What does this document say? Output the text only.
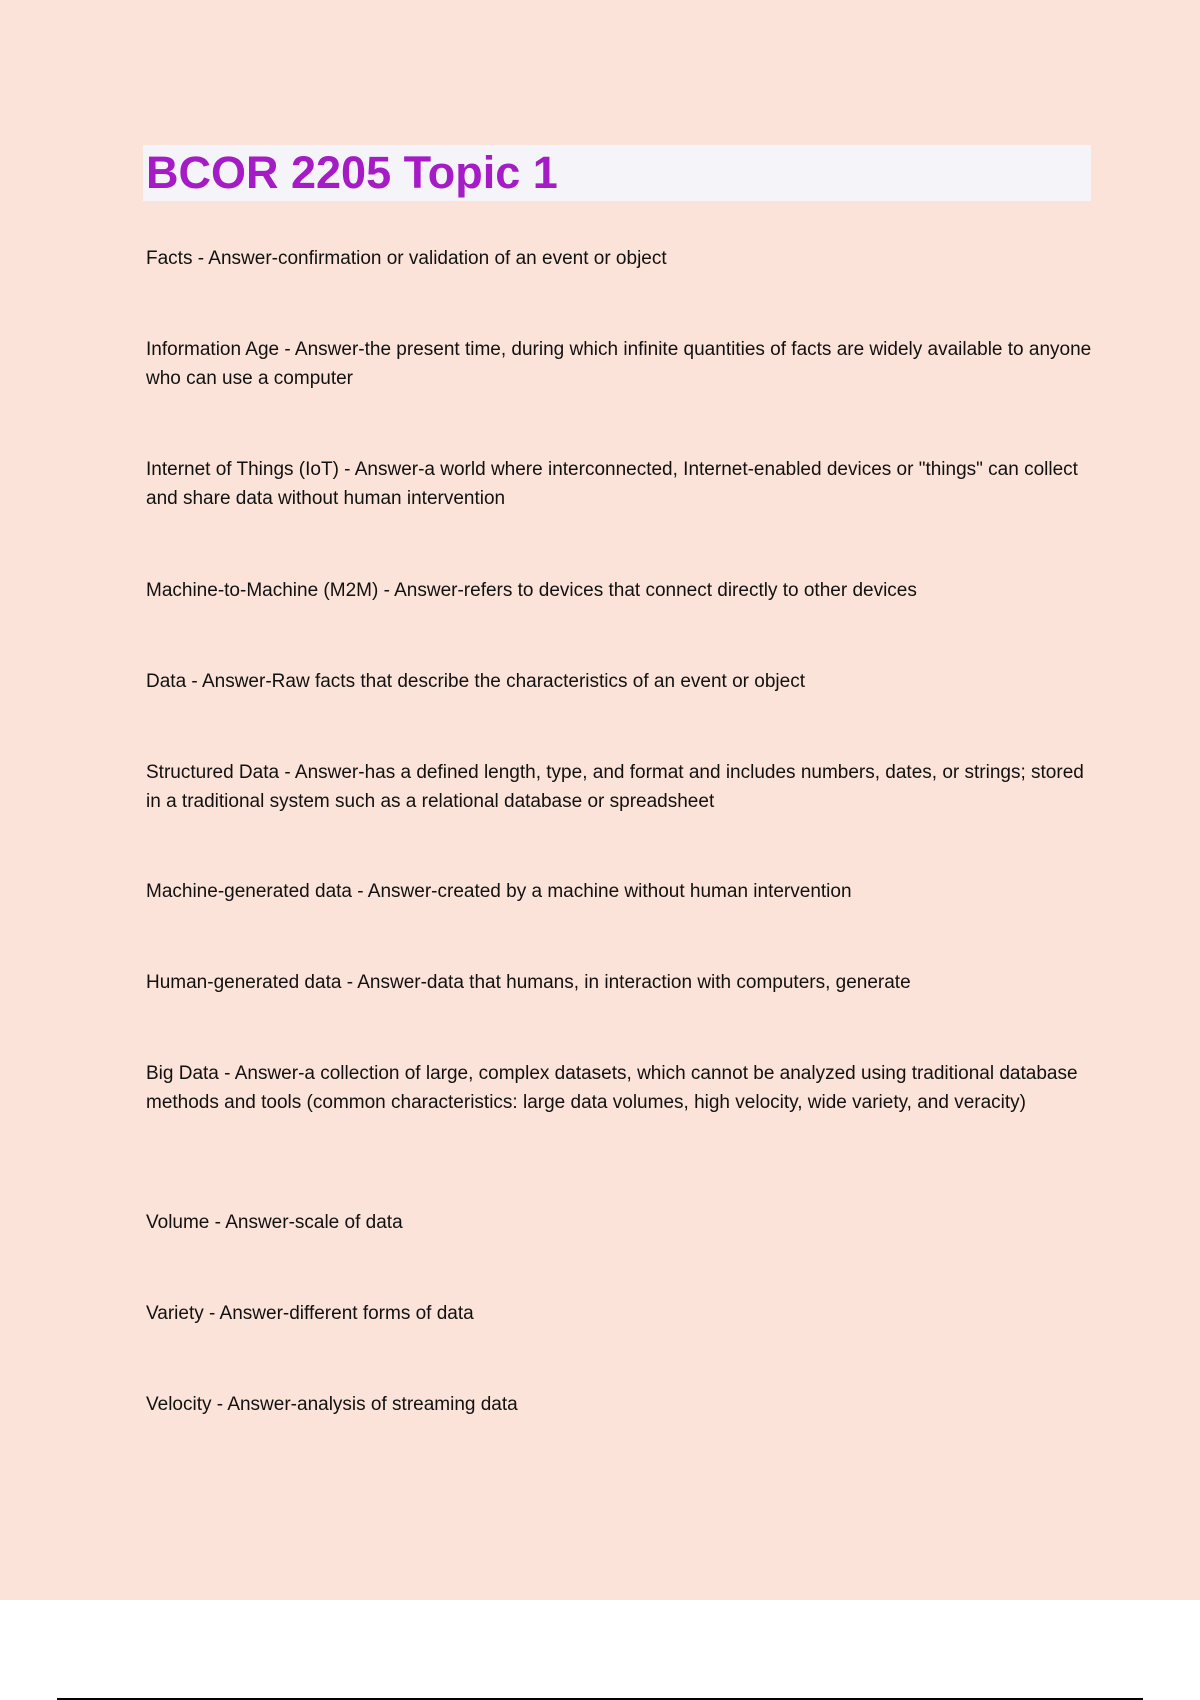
BCOR 2205 Topic 1

Facts - Answer-confirmation or validation of an event or object

Information Age - Answer-the present time, during which infinite quantities of facts are widely available to anyone who can use a computer

Internet of Things (IoT) - Answer-a world where interconnected, Internet-enabled devices or "things" can collect and share data without human intervention

Machine-to-Machine (M2M) - Answer-refers to devices that connect directly to other devices

Data - Answer-Raw facts that describe the characteristics of an event or object

Structured Data - Answer-has a defined length, type, and format and includes numbers, dates, or strings; stored in a traditional system such as a relational database or spreadsheet

Machine-generated data - Answer-created by a machine without human intervention

Human-generated data - Answer-data that humans, in interaction with computers, generate

Big Data - Answer-a collection of large, complex datasets, which cannot be analyzed using traditional database methods and tools (common characteristics: large data volumes, high velocity, wide variety, and veracity)

Volume - Answer-scale of data

Variety - Answer-different forms of data

Velocity - Answer-analysis of streaming data
